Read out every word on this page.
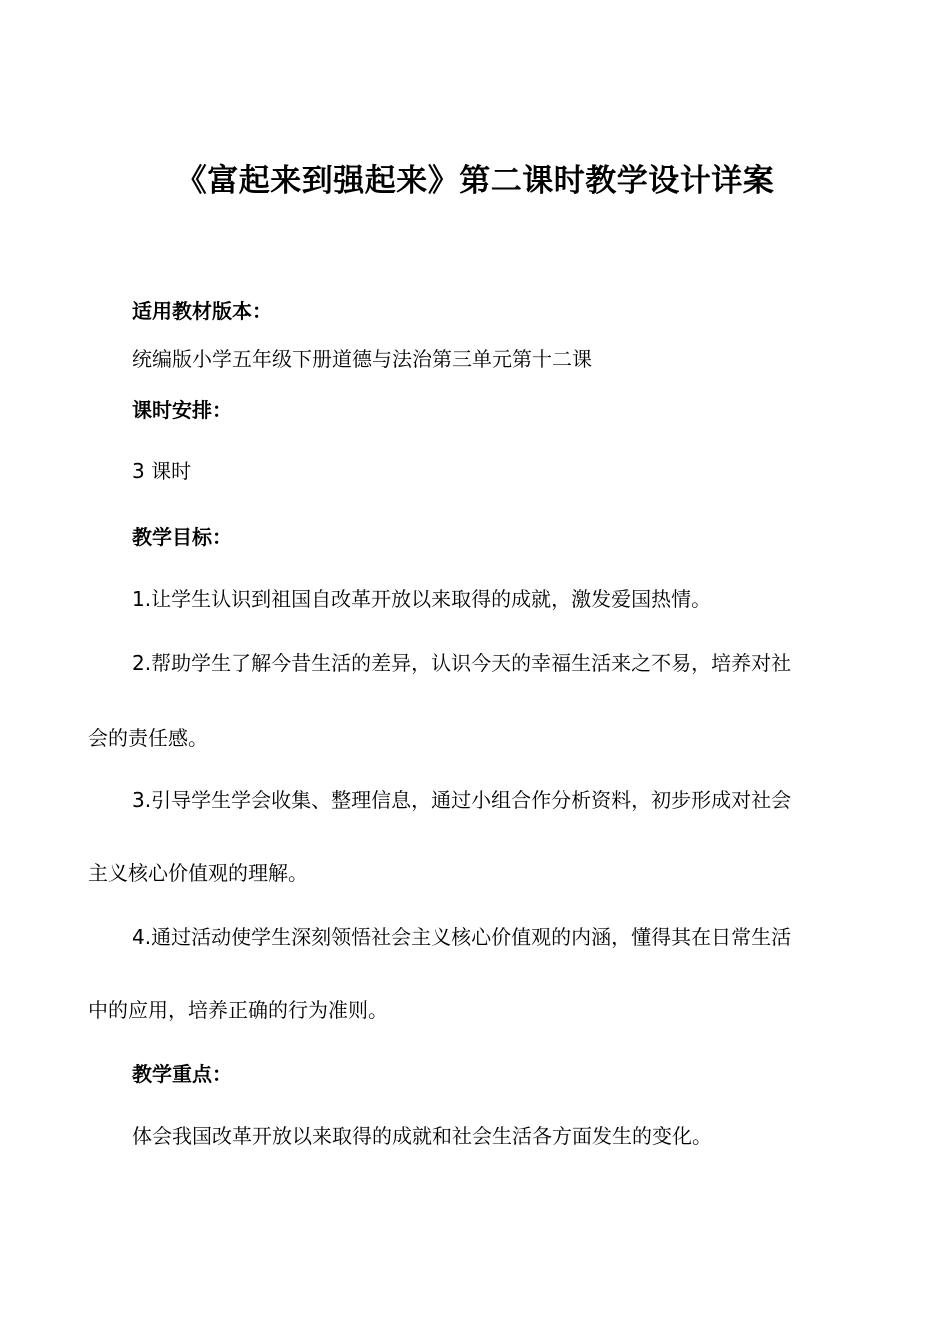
《富起来到强起来》第二课时教学设计详案
适用教材版本：
统编版小学五年级下册道德与法治第三单元第十二课
课时安排：
3 课时
教学目标：
1.让学生认识到祖国自改革开放以来取得的成就，激发爱国热情。
2.帮助学生了解今昔生活的差异，认识今天的幸福生活来之不易，培养对社
会的责任感。
3.引导学生学会收集、整理信息，通过小组合作分析资料，初步形成对社会
主义核心价值观的理解。
4.通过活动使学生深刻领悟社会主义核心价值观的内涵，懂得其在日常生活
中的应用，培养正确的行为准则。
教学重点：
体会我国改革开放以来取得的成就和社会生活各方面发生的变化。
